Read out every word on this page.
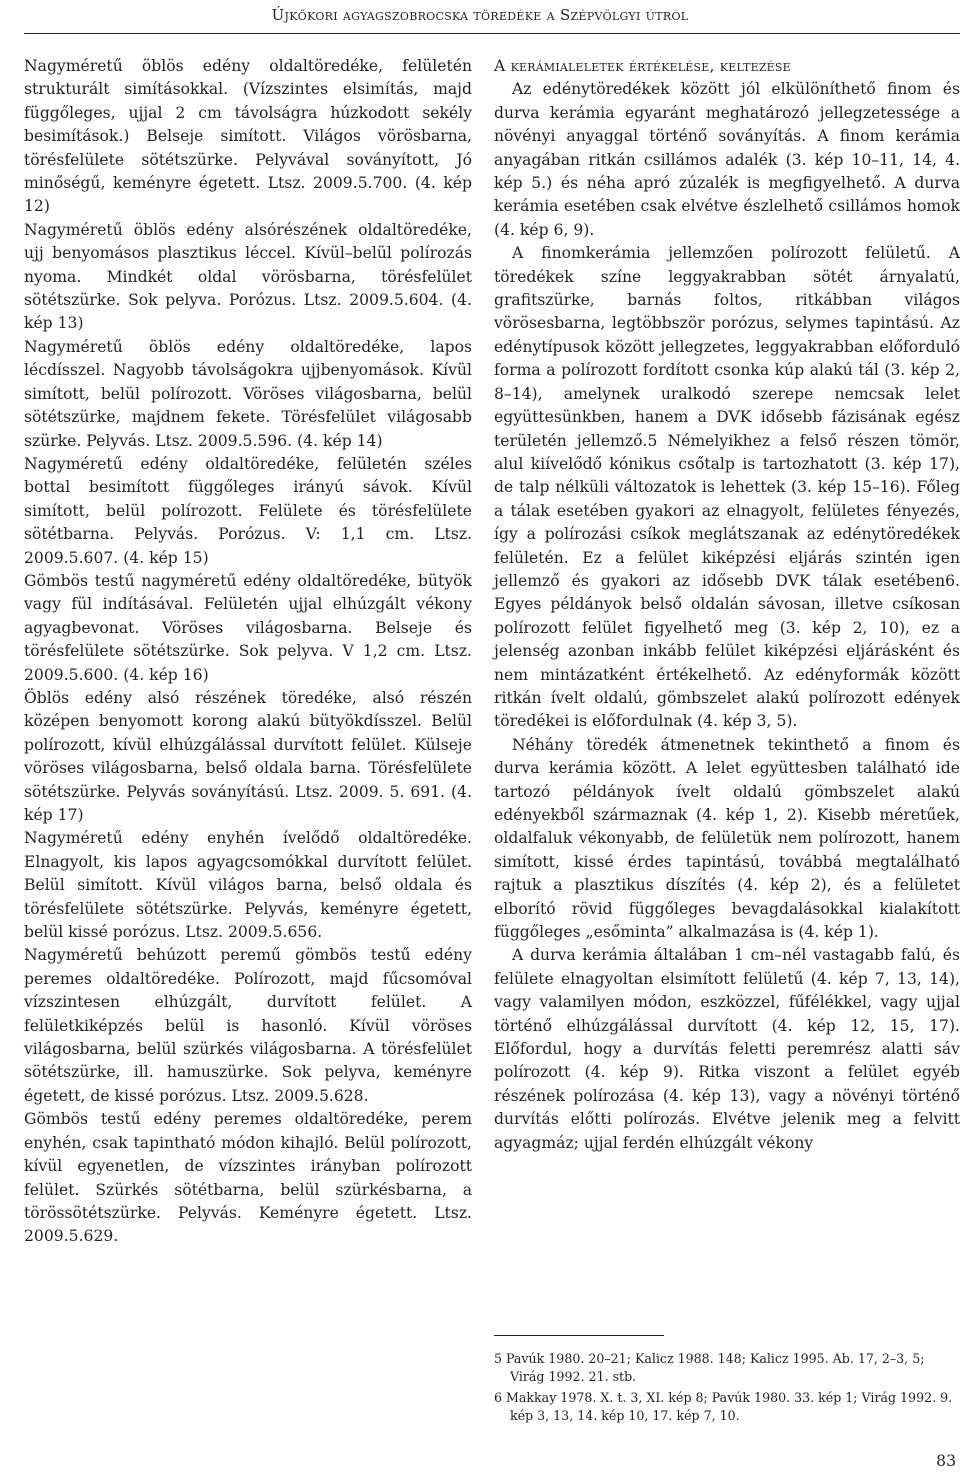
Újkőkori agyagszobrocska töredéke a Szépvölgyi útról

Nagyméretű öblös edény oldaltöredéke, felületén strukturált simításokkal. (Vízszintes elsimítás, majd függőleges, ujjal 2 cm távolságra húzkodott sekély besimítások.) Belseje simított. Világos vörösbarna, törésfelülete sötétszürke. Pelyvával soványított, Jó minőségű, keményre égetett. Ltsz. 2009.5.700. (4. kép 12)

Nagyméretű öblös edény alsórészének oldaltöredéke, ujj benyomásos plasztikus léccel. Kívül–belül polírozás nyoma. Mindkét oldal vörösbarna, törésfelület sötétszürke. Sok pelyva. Porózus. Ltsz. 2009.5.604. (4. kép 13)

Nagyméretű öblös edény oldaltöredéke, lapos lécdísszel. Nagyobb távolságokra ujjbenyomások. Kívül simított, belül polírozott. Vöröses világosbarna, belül sötétszürke, majdnem fekete. Törésfelület világosabb szürke. Pelyvás. Ltsz. 2009.5.596. (4. kép 14)

Nagyméretű edény oldaltöredéke, felületén széles bottal besimított függőleges irányú sávok. Kívül simított, belül polírozott. Felülete és törésfelülete sötétbarna. Pelyvás. Porózus. V: 1,1 cm. Ltsz. 2009.5.607. (4. kép 15)

Gömbös testű nagyméretű edény oldaltöredéke, bütyök vagy fül indításával. Felületén ujjal elhúzgált vékony agyagbevonat. Vöröses világosbarna. Belseje és törésfelülete sötétszürke. Sok pelyva. V 1,2 cm. Ltsz. 2009.5.600. (4. kép 16)

Öblös edény alsó részének töredéke, alsó részén középen benyomott korong alakú bütyökdísszel. Belül polírozott, kívül elhúzgálással durvított felület. Külseje vöröses világosbarna, belső oldala barna. Törésfelülete sötétszürke. Pelyvás soványítású. Ltsz. 2009. 5. 691. (4. kép 17)

Nagyméretű edény enyhén ívelődő oldaltöredéke. Elnagyolt, kis lapos agyagcsomókkal durvított felület. Belül simított. Kívül világos barna, belső oldala és törésfelülete sötétszürke. Pelyvás, keményre égetett, belül kissé porózus. Ltsz. 2009.5.656.

Nagyméretű behúzott peremű gömbös testű edény peremes oldaltöredéke. Polírozott, majd fűcsomóval vízszintesen elhúzgált, durvított felület. A felületkiképzés belül is hasonló. Kívül vöröses világosbarna, belül szürkés világosbarna. A törésfelület sötétszürke, ill. hamuszürke. Sok pelyva, keményre égetett, de kissé porózus. Ltsz. 2009.5.628.

Gömbös testű edény peremes oldaltöredéke, perem enyhén, csak tapintható módon kihajló. Belül polírozott, kívül egyenetlen, de vízszintes irányban polírozott felület. Szürkés sötétbarna, belül szürkésbarna, a törössötétszürke. Pelyvás. Keményre égetett. Ltsz. 2009.5.629.

A kerámialeletek értékelése, keltezése

Az edénytöredékek között jól elkülöníthető finom és durva kerámia egyaránt meghatározó jellegzetessége a növényi anyaggal történő soványítás. A finom kerámia anyagában ritkán csillámos adalék (3. kép 10–11, 14, 4. kép 5.) és néha apró zúzalék is megfigyelhető. A durva kerámia esetében csak elvétve észlelhető csillámos homok (4. kép 6, 9).

A finomkerámia jellemzően polírozott felületű. A töredékek színe leggyakrabban sötét árnyalatú, grafitszürke, barnás foltos, ritkábban világos vörösesbarna, legtöbbször porózus, selymes tapintású. Az edénytípusok között jellegzetes, leggyakrabban előforduló forma a polírozott fordított csonka kúp alakú tál (3. kép 2, 8–14), amelynek uralkodó szerepe nemcsak lelet együttesünkben, hanem a DVK idősebb fázisának egész területén jellemző.5 Némelyikhez a felső részen tömör, alul kiívelődő kónikus csőtalp is tartozhatott (3. kép 17), de talp nélküli változatok is lehettek (3. kép 15–16). Főleg a tálak esetében gyakori az elnagyolt, felületes fényezés, így a polírozási csíkok meglátszanak az edénytöredékek felületén. Ez a felület kiképzési eljárás szintén igen jellemző és gyakori az idősebb DVK tálak esetében6. Egyes példányok belső oldalán sávosan, illetve csíkosan polírozott felület figyelhető meg (3. kép 2, 10), ez a jelenség azonban inkább felület kiképzési eljárásként és nem mintázatként értékelhető. Az edényformák között ritkán ívelt oldalú, gömbszelet alakú polírozott edények töredékei is előfordulnak (4. kép 3, 5).

Néhány töredék átmenetnek tekinthető a finom és durva kerámia között. A lelet együttesben található ide tartozó példányok ívelt oldalú gömbszelet alakú edényekből származnak (4. kép 1, 2). Kisebb méretűek, oldalfaluk vékonyabb, de felületük nem polírozott, hanem simított, kissé érdes tapintású, továbbá megtalálható rajtuk a plasztikus díszítés (4. kép 2), és a felületet elborító rövid függőleges bevagdalásokkal kialakított függőleges „esőminta” alkalmazása is (4. kép 1).

A durva kerámia általában 1 cm–nél vastagabb falú, és felülete elnagyoltan elsimított felületű (4. kép 7, 13, 14), vagy valamilyen módon, eszközzel, fűfélékkel, vagy ujjal történő elhúzgálással durvított (4. kép 12, 15, 17). Előfordul, hogy a durvítás feletti peremrész alatti sáv polírozott (4. kép 9). Ritka viszont a felület egyéb részének polírozása (4. kép 13), vagy a növényi történő durvítás előtti polírozás. Elvétve jelenik meg a felvitt agyagmáz; ujjal ferdén elhúzgált vékony

5 Pavúk 1980. 20–21; Kalicz 1988. 148; Kalicz 1995. Ab. 17, 2–3, 5; Virág 1992. 21. stb.

6 Makkay 1978. X. t. 3, XI. kép 8; Pavúk 1980. 33. kép 1; Virág 1992. 9. kép 3, 13, 14. kép 10, 17. kép 7, 10.

83
